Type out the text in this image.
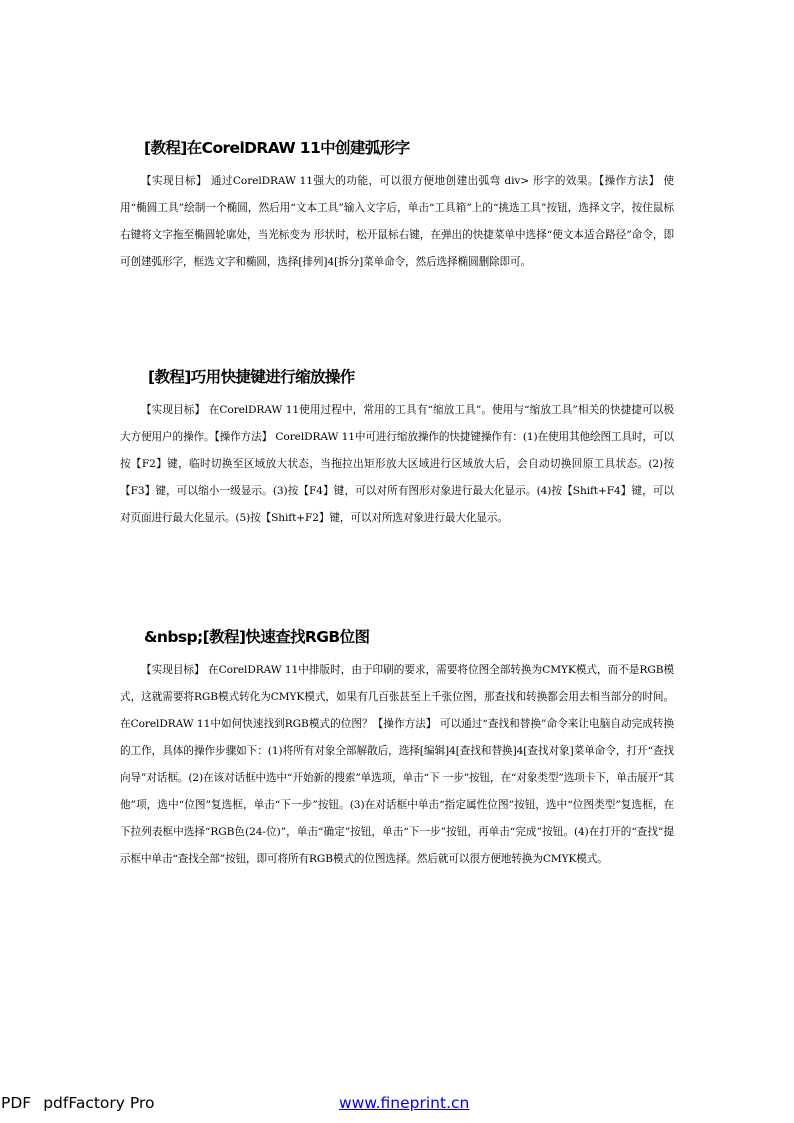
[教程]在CorelDRAW 11中创建弧形字

【实现目标】 通过CorelDRAW 11强大的功能，可以很方便地创建出弧弯 div> 形字的效果。【操作方法】 使用“椭圆工具”绘制一个椭圆，然后用“文本工具”输入文字后，单击“工具箱”上的“挑选工具”按钮，选择文字，按住鼠标右键将文字拖至椭圆轮廓处，当光标变为 形状时，松开鼠标右键，在弹出的快捷菜单中选择“使文本适合路径”命令，即可创建弧形字，框选文字和椭圆，选择[排列]4[拆分]菜单命令，然后选择椭圆删除即可。

[教程]巧用快捷键进行缩放操作

【实现目标】 在CorelDRAW 11使用过程中，常用的工具有“缩放工具”。使用与“缩放工具”相关的快捷捷可以极大方便用户的操作。【操作方法】 CorelDRAW 11中可进行缩放操作的快捷键操作有：(1)在使用其他绘图工具时，可以按【F2】键，临时切换至区域放大状态，当拖拉出矩形放大区域进行区域放大后，会自动切换回原工具状态。(2)按【F3】键，可以缩小一级显示。(3)按【F4】键，可以对所有图形对象进行最大化显示。(4)按【Shift+F4】键，可以对页面进行最大化显示。(5)按【Shift+F2】键，可以对所选对象进行最大化显示。

&nbsp;[教程]快速查找RGB位图

【实现目标】 在CorelDRAW 11中排版时，由于印刷的要求，需要将位图全部转换为CMYK模式，而不是RGB模式，这就需要将RGB模式转化为CMYK模式，如果有几百张甚至上千张位图，那查找和转换都会用去相当部分的时间。在CorelDRAW 11中如何快速找到RGB模式的位图？【操作方法】 可以通过“查找和替换”命令来让电脑自动完成转换的工作，具体的操作步骤如下：(1)将所有对象全部解散后，选择[编辑]4[查找和替换]4[查找对象]菜单命令，打开“查找向导”对话框。(2)在该对话框中选中“开始新的搜索”单选项，单击“下 一步”按钮，在“对象类型”选项卡下，单击展开“其他”项，选中“位图”复选框，单击“下一步”按钮。(3)在对话框中单击“指定属性位图”按钮，选中“位图类型”复选框，在下拉列表框中选择“RGB色(24-位)”，单击“确定”按钮，单击“下一步”按钮，再单击“完成”按钮。(4)在打开的“查找”提示框中单击“查找全部”按钮，即可将所有RGB模式的位图选择。然后就可以很方便地转换为CMYK模式。

PDF pdfFactory Pro	www.fineprint.cn
